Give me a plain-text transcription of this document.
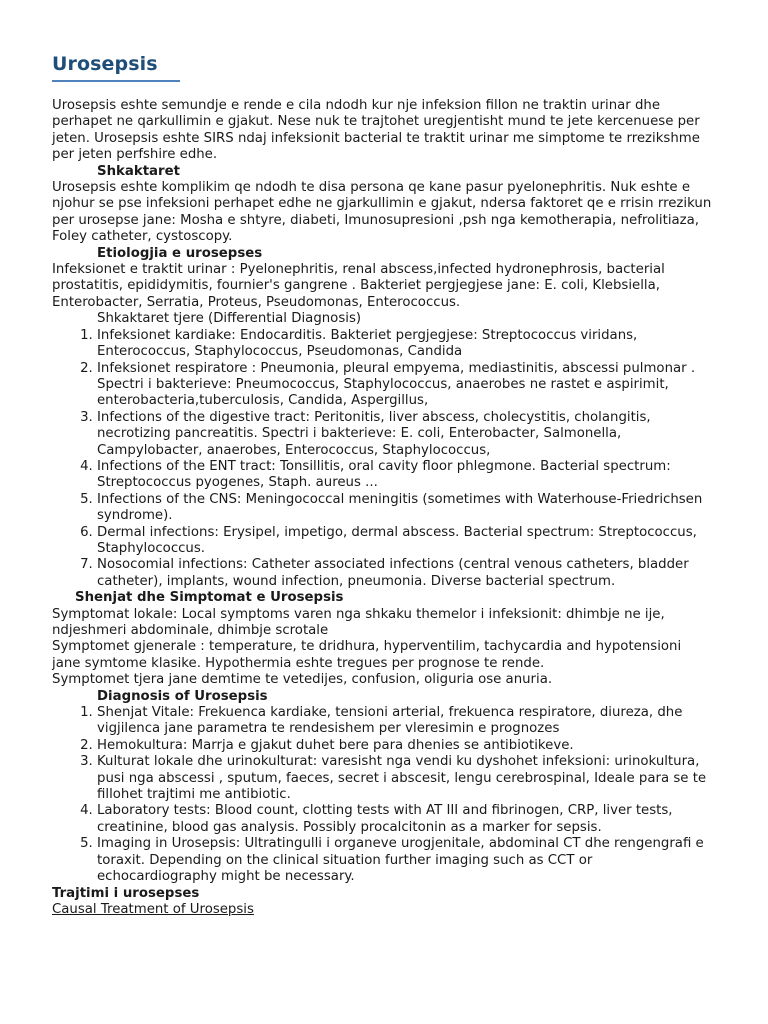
Urosepsis

Urosepsis eshte semundje e rende e cila ndodh kur nje infeksion fillon ne traktin urinar dhe perhapet ne qarkullimin e gjakut. Nese nuk te trajtohet uregjentisht mund te jete kercenuese per jeten. Urosepsis eshte SIRS ndaj infeksionit bacterial te traktit urinar me simptome te rrezikshme per jeten perfshire edhe.

Shkaktaret

Urosepsis eshte komplikim qe ndodh te disa persona qe kane pasur pyelonephritis. Nuk eshte e njohur se pse infeksioni perhapet edhe ne gjarkullimin e gjakut, ndersa faktoret qe e rrisin rrezikun per urosepse jane: Mosha e shtyre, diabeti, Imunosupresioni ,psh nga kemotherapia, nefrolitiaza, Foley catheter, cystoscopy.

Etiologjia e urosepses

Infeksionet e traktit urinar : Pyelonephritis, renal abscess,infected hydronephrosis, bacterial prostatitis, epididymitis, fournier's gangrene . Bakteriet pergjegjese jane: E. coli, Klebsiella, Enterobacter, Serratia, Proteus, Pseudomonas, Enterococcus.

Shkaktaret tjere (Differential Diagnosis)

1. Infeksionet kardiake: Endocarditis. Bakteriet pergjegjese: Streptococcus viridans, Enterococcus, Staphylococcus, Pseudomonas, Candida
2. Infeksionet respiratore : Pneumonia, pleural empyema, mediastinitis, abscessi pulmonar . Spectri i bakterieve: Pneumococcus, Staphylococcus, anaerobes ne rastet e aspirimit, enterobacteria,tuberculosis, Candida, Aspergillus,
3. Infections of the digestive tract: Peritonitis, liver abscess, cholecystitis, cholangitis, necrotizing pancreatitis. Spectri i bakterieve: E. coli, Enterobacter, Salmonella, Campylobacter, anaerobes, Enterococcus, Staphylococcus,
4. Infections of the ENT tract: Tonsillitis, oral cavity floor phlegmone. Bacterial spectrum: Streptococcus pyogenes, Staph. aureus ...
5. Infections of the CNS: Meningococcal meningitis (sometimes with Waterhouse-Friedrichsen syndrome).
6. Dermal infections: Erysipel, impetigo, dermal abscess. Bacterial spectrum: Streptococcus, Staphylococcus.
7. Nosocomial infections: Catheter associated infections (central venous catheters, bladder catheter), implants, wound infection, pneumonia. Diverse bacterial spectrum.

Shenjat dhe Simptomat e Urosepsis

Symptomat lokale: Local symptoms varen nga shkaku themelor i infeksionit: dhimbje ne ije, ndjeshmeri abdominale, dhimbje scrotale

Symptomet gjenerale : temperature, te dridhura, hyperventilim, tachycardia and hypotensioni jane symtome klasike. Hypothermia eshte tregues per prognose te rende.

Symptomet tjera jane demtime te vetedijes, confusion, oliguria ose anuria.

Diagnosis of Urosepsis

1. Shenjat Vitale: Frekuenca kardiake, tensioni arterial, frekuenca respiratore, diureza, dhe vigjilenca jane parametra te rendesishem per vleresimin e prognozes
2. Hemokultura: Marrja e gjakut duhet bere para dhenies se antibiotikeve.
3. Kulturat lokale dhe urinokulturat: varesisht nga vendi ku dyshohet infeksioni: urinokultura, pusi nga abscessi , sputum, faeces, secret i abscesit, lengu cerebrospinal, Ideale para se te fillohet trajtimi me antibiotic.
4. Laboratory tests: Blood count, clotting tests with AT III and fibrinogen, CRP, liver tests, creatinine, blood gas analysis. Possibly procalcitonin as a marker for sepsis.
5. Imaging in Urosepsis: Ultratingulli i organeve urogjenitale, abdominal CT dhe rengengrafi e toraxit. Depending on the clinical situation further imaging such as CCT or echocardiography might be necessary.

Trajtimi i urosepses

Causal Treatment of Urosepsis
